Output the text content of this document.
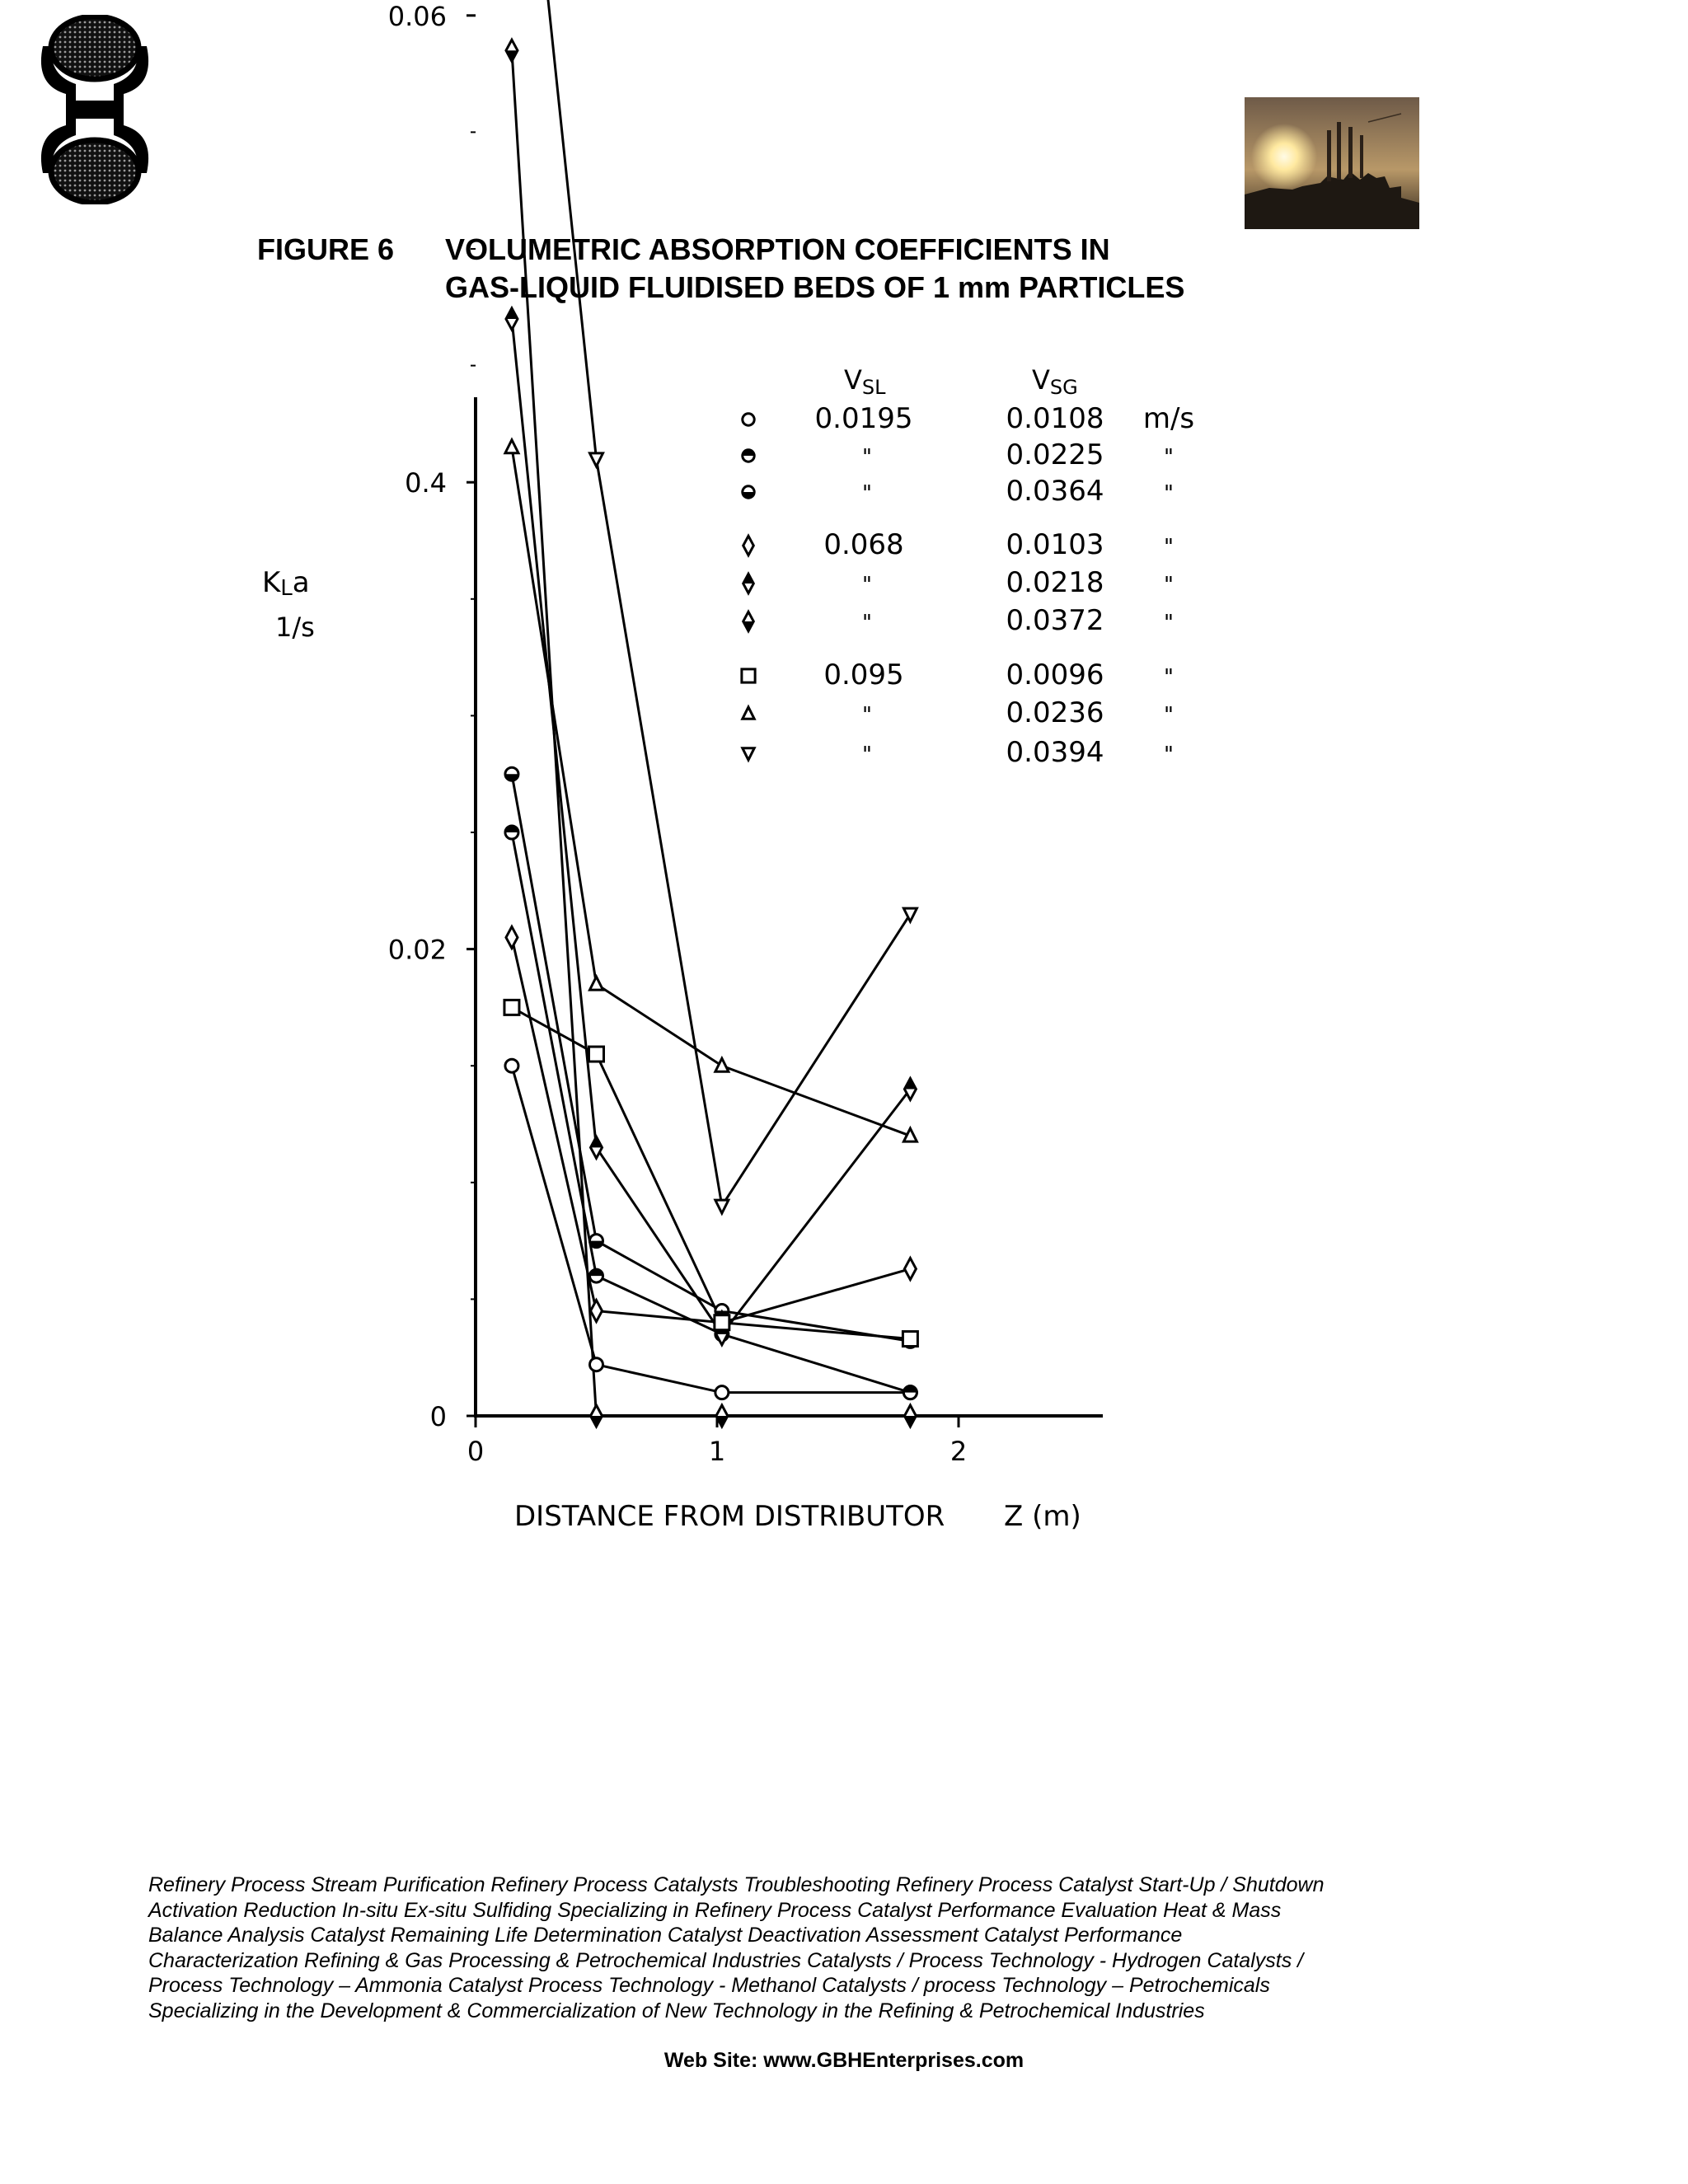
FIGURE 6 VOLUMETRIC ABSORPTION COEFFICIENTS IN
GAS-LIQUID FLUIDISED BEDS OF 1 mm PARTICLES
0
0.02
0.4
0.06
0	1	2
KLa
1/s
DISTANCE FROM DISTRIBUTOR Z (m)
VSL	VSG
0.0195	0.0108 m/s
"	0.0225	"
"	0.0364	"
0.068	0.0103	"
"	0.0218	"
"	0.0372	"
0.095	0.0096	"
"	0.0236	"
"	0.0394	"
Refinery Process Stream Purification Refinery Process Catalysts Troubleshooting Refinery Process Catalyst Start-Up / Shutdown
Activation Reduction In-situ Ex-situ Sulfiding Specializing in Refinery Process Catalyst Performance Evaluation Heat & Mass
Balance Analysis Catalyst Remaining Life Determination Catalyst Deactivation Assessment Catalyst Performance
Characterization Refining & Gas Processing & Petrochemical Industries Catalysts / Process Technology - Hydrogen Catalysts /
Process Technology – Ammonia Catalyst Process Technology - Methanol Catalysts / process Technology – Petrochemicals
Specializing in the Development & Commercialization of New Technology in the Refining & Petrochemical Industries
Web Site: www.GBHEnterprises.com
